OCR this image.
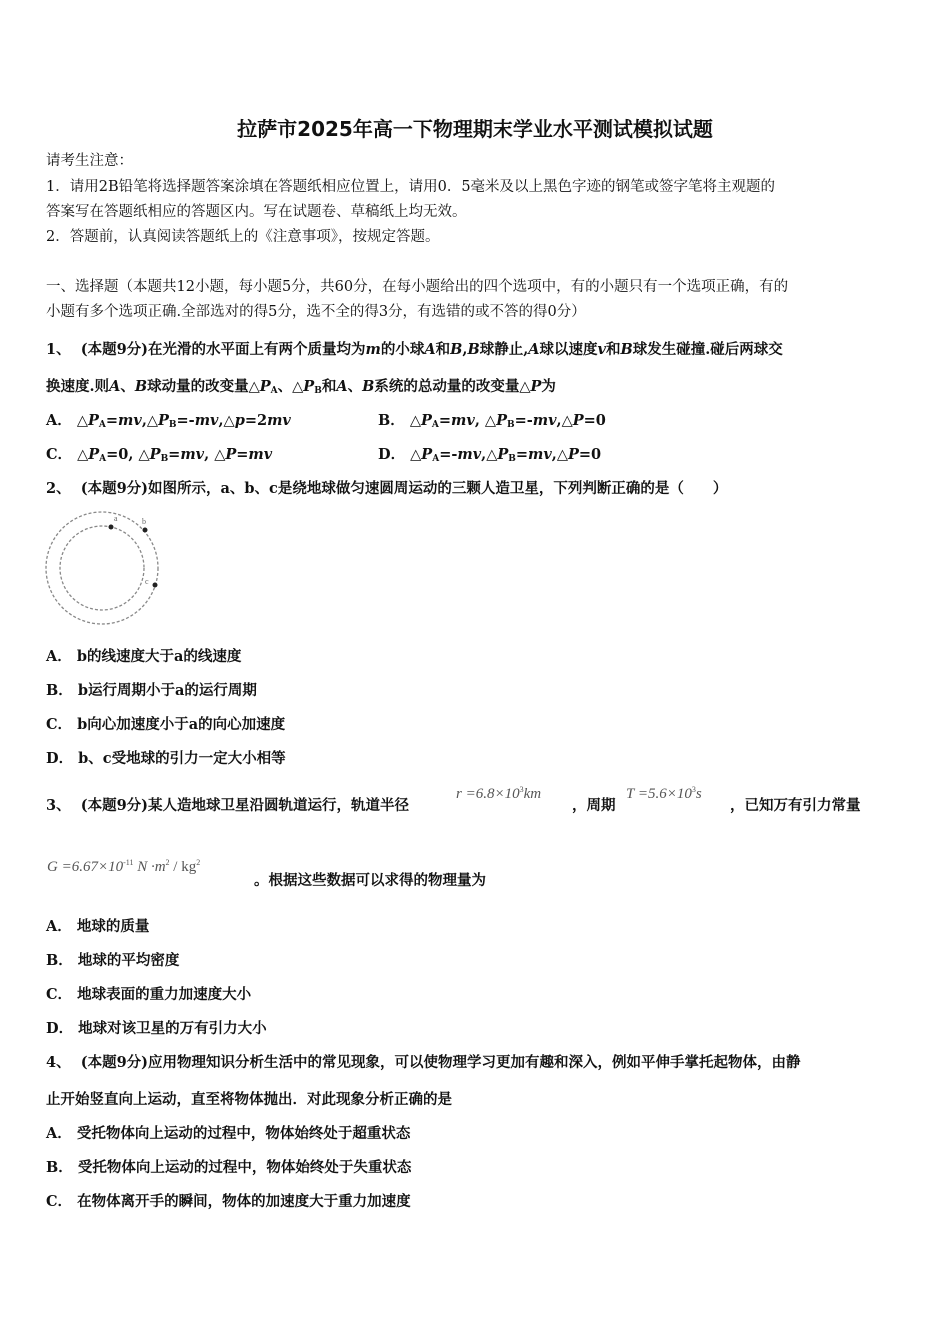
拉萨市2025年高一下物理期末学业水平测试模拟试题
请考生注意：
1．请用2B铅笔将选择题答案涂填在答题纸相应位置上，请用0．5毫米及以上黑色字迹的钢笔或签字笔将主观题的
答案写在答题纸相应的答题区内。写在试题卷、草稿纸上均无效。
2．答题前，认真阅读答题纸上的《注意事项》，按规定答题。
一、选择题（本题共12小题，每小题5分，共60分，在每小题给出的四个选项中，有的小题只有一个选项正确，有的
小题有多个选项正确.全部选对的得5分，选不全的得3分，有选错的或不答的得0分）
1、 (本题9分)在光滑的水平面上有两个质量均为m的小球A和B,B球静止,A球以速度v和B球发生碰撞.碰后两球交
换速度.则A、B球动量的改变量$\triangle P_A$、$\triangle P_B$和A、B系统的总动量的改变量△P为
A． $\triangle P_A=mv,\triangle P_B=-mv,\triangle p=2mv$	B． $\triangle P_A=mv$, $\triangle P_B=-mv,\triangle P=0$
C． $\triangle P_A=0$, $\triangle P_B=mv$, △P=mv	D． $\triangle P_A=-mv,\triangle P_B=mv,\triangle P=0$
2、 (本题9分)如图所示，a、b、c是绕地球做匀速圆周运动的三颗人造卫星，下列判断正确的是（　　）
a	b
c
A． b的线速度大于a的线速度
B． b运行周期小于a的运行周期
C． b向心加速度小于a的向心加速度
D． b、c受地球的引力一定大小相等
3、 (本题9分)某人造地球卫星沿圆轨道运行，轨道半径
$r =6.8\times 10^3km$
，周期
$T =5.6\times 10^3s$
，已知万有引力常量
$G =6.67\times 10^{-11}$ $N \cdot m^2 / kg^2$
。根据这些数据可以求得的物理量为
A． 地球的质量
B． 地球的平均密度
C． 地球表面的重力加速度大小
D． 地球对该卫星的万有引力大小
4、 (本题9分)应用物理知识分析生活中的常见现象，可以使物理学习更加有趣和深入，例如平伸手掌托起物体，由静
止开始竖直向上运动，直至将物体抛出．对此现象分析正确的是
A． 受托物体向上运动的过程中，物体始终处于超重状态
B． 受托物体向上运动的过程中，物体始终处于失重状态
C． 在物体离开手的瞬间，物体的加速度大于重力加速度
